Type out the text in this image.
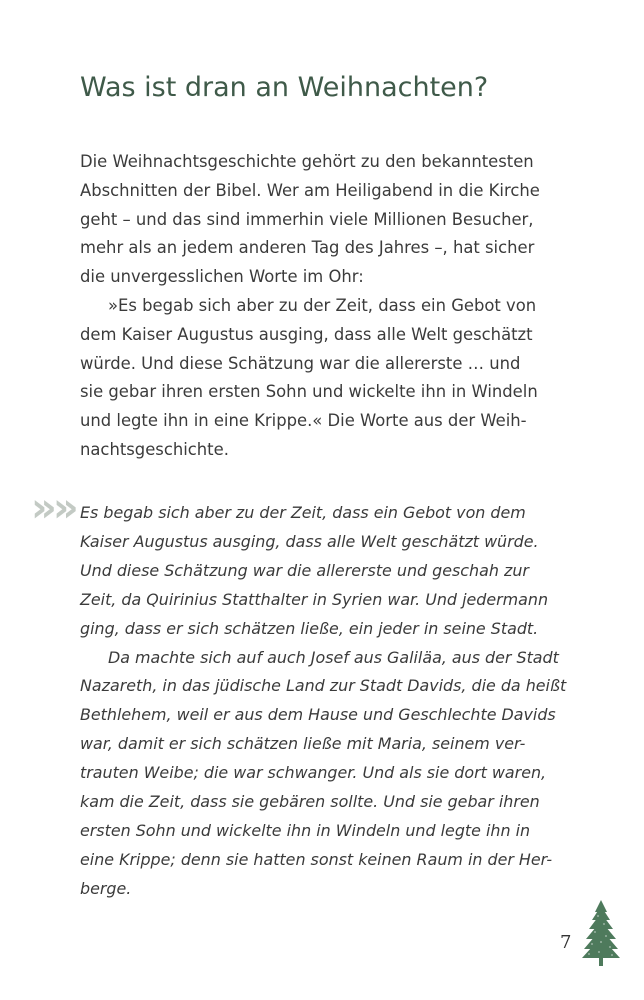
Was ist dran an Weihnachten?
Die Weihnachtsgeschichte gehört zu den bekanntesten
Abschnitten der Bibel. Wer am Heiligabend in die Kirche
geht – und das sind immerhin viele Millionen Besucher,
mehr als an jedem anderen Tag des Jahres –, hat sicher
die unvergesslichen Worte im Ohr:
»Es begab sich aber zu der Zeit, dass ein Gebot von
dem Kaiser Augustus ausging, dass alle Welt geschätzt
würde. Und diese Schätzung war die allererste … und
sie gebar ihren ersten Sohn und wickelte ihn in Windeln
und legte ihn in eine Krippe.« Die Worte aus der Weih-
nachtsgeschichte.
»» Es begab sich aber zu der Zeit, dass ein Gebot von dem
Kaiser Augustus ausging, dass alle Welt geschätzt würde.
Und diese Schätzung war die allererste und geschah zur
Zeit, da Quirinius Statthalter in Syrien war. Und jedermann
ging, dass er sich schätzen ließe, ein jeder in seine Stadt.
Da machte sich auf auch Josef aus Galiläa, aus der Stadt
Nazareth, in das jüdische Land zur Stadt Davids, die da heißt
Bethlehem, weil er aus dem Hause und Geschlechte Davids
war, damit er sich schätzen ließe mit Maria, seinem ver-
trauten Weibe; die war schwanger. Und als sie dort waren,
kam die Zeit, dass sie gebären sollte. Und sie gebar ihren
ersten Sohn und wickelte ihn in Windeln und legte ihn in
eine Krippe; denn sie hatten sonst keinen Raum in der Her-
berge.
7
